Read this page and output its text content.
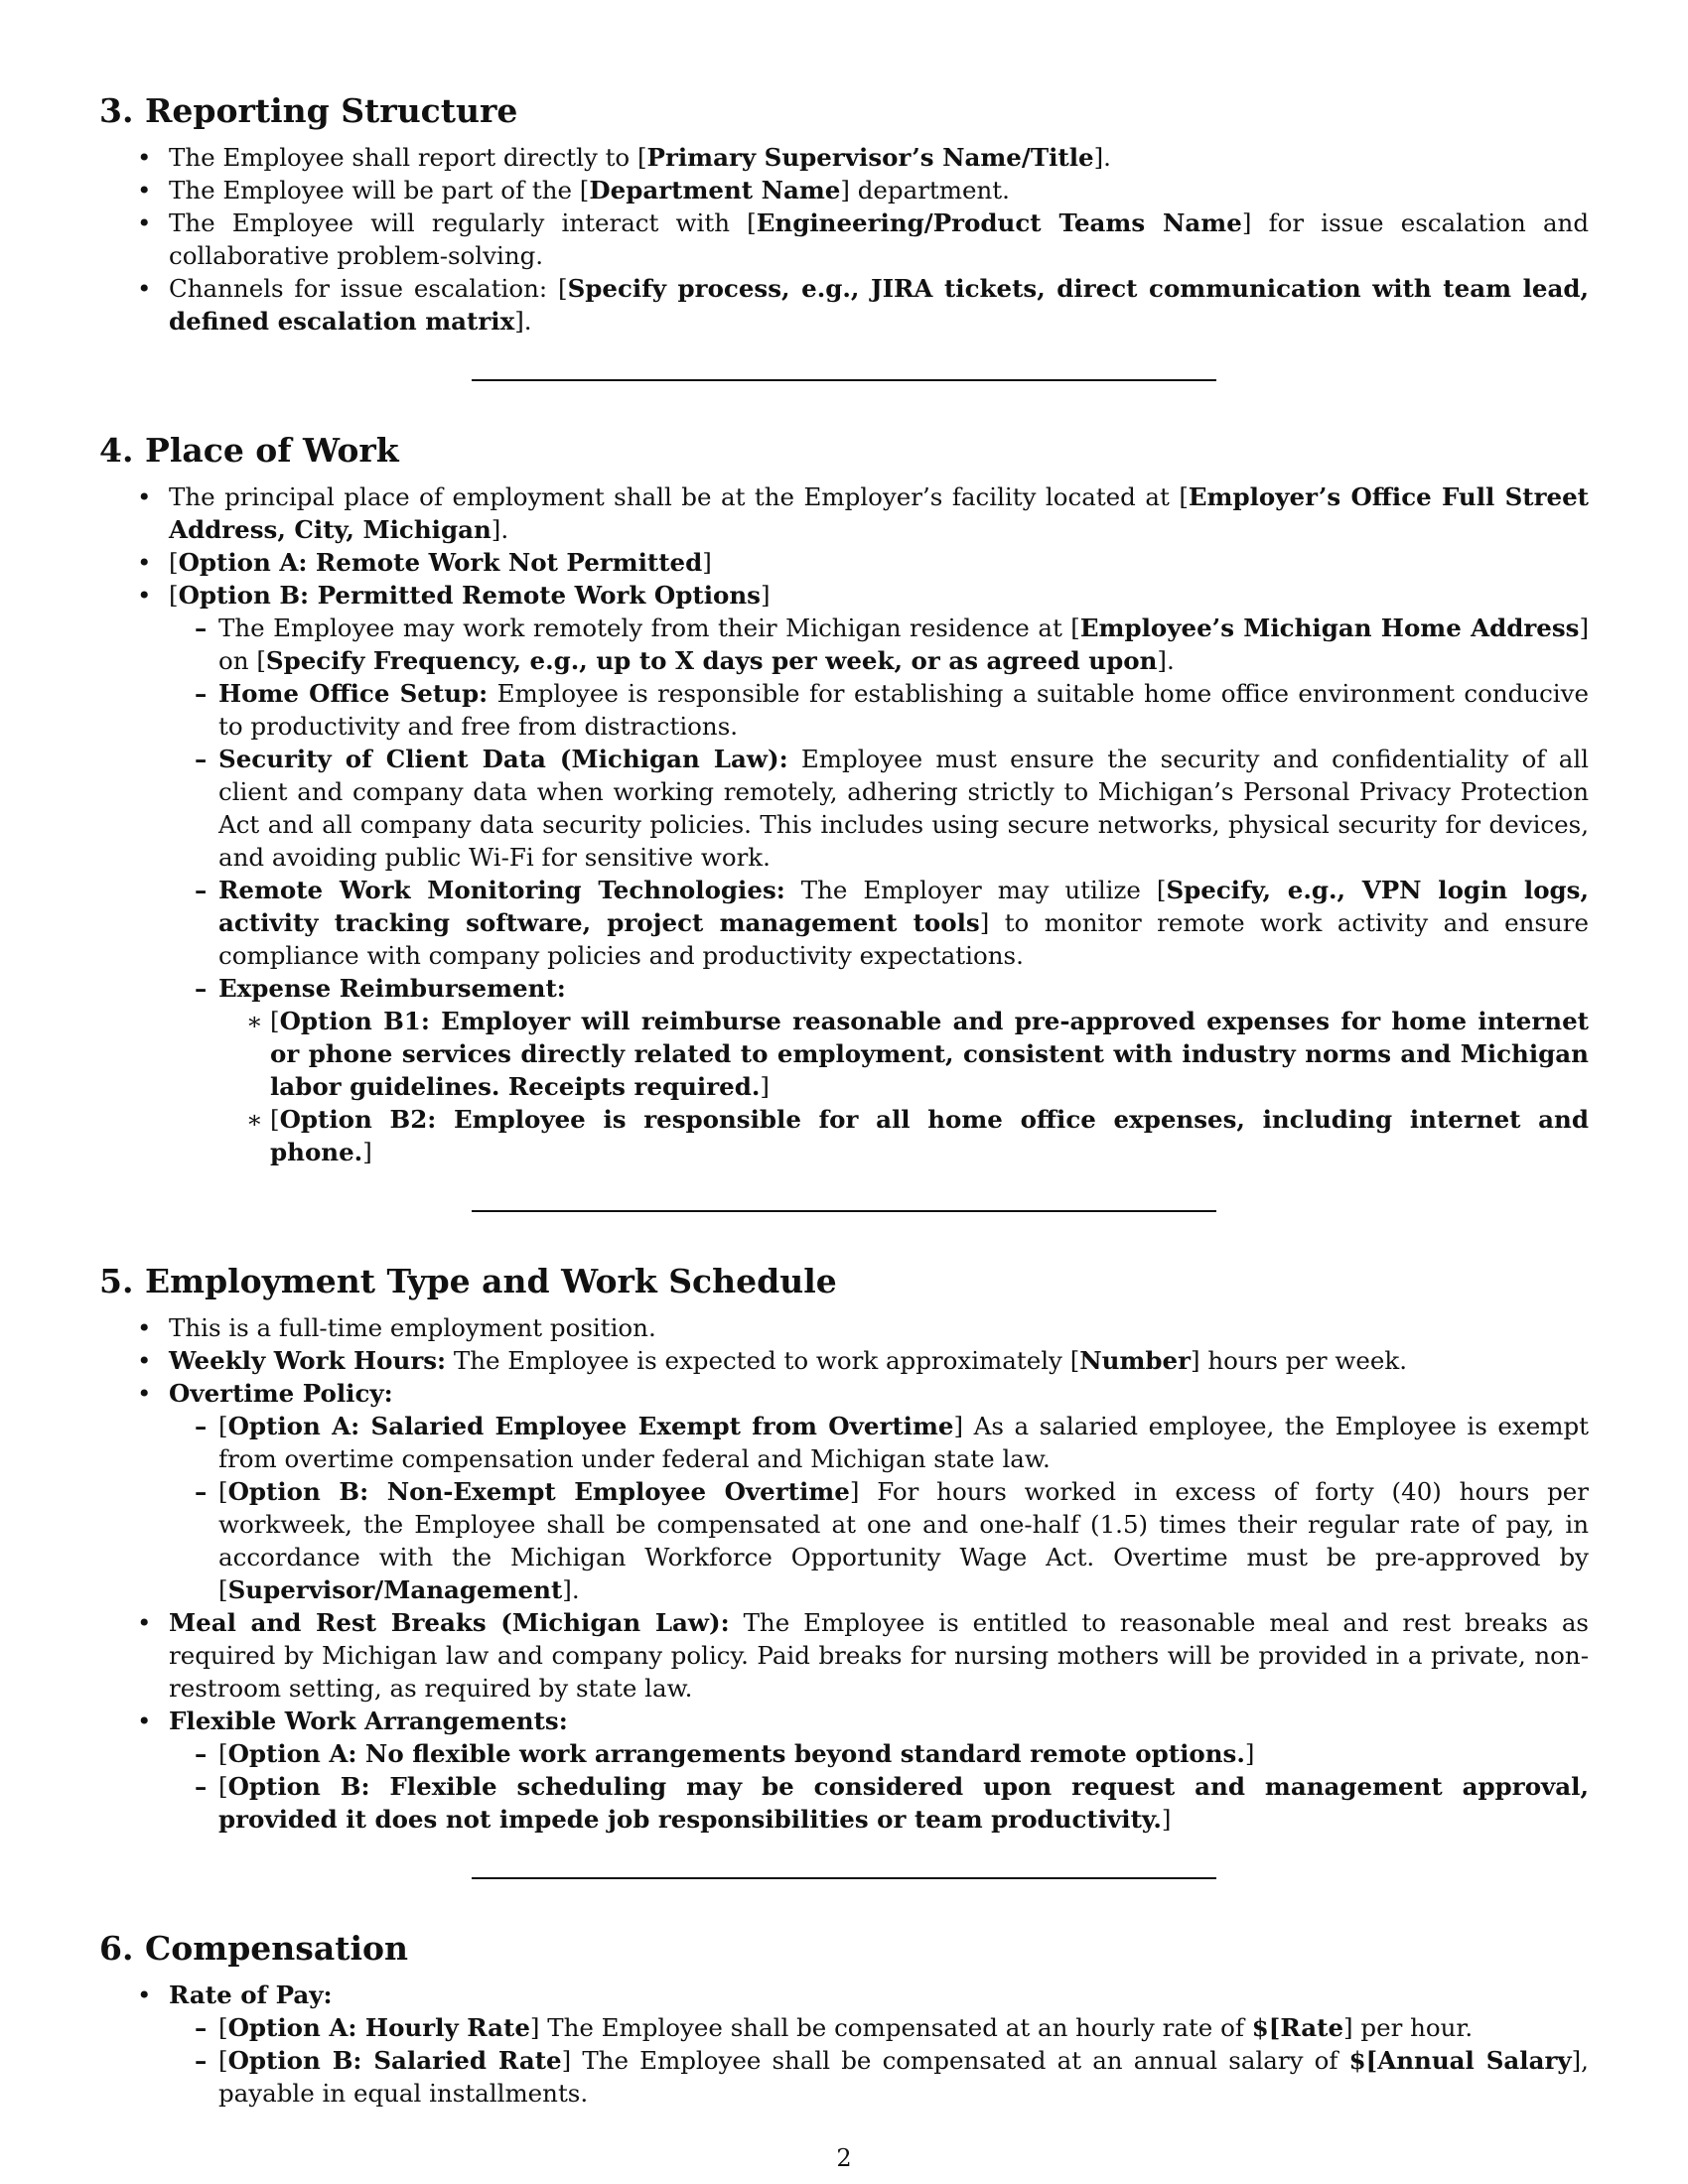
3. Reporting Structure
• The Employee shall report directly to [Primary Supervisor’s Name/Title].
• The Employee will be part of the [Department Name] department.
• The Employee will regularly interact with [Engineering/Product Teams Name] for issue escalation and collaborative problem-solving.
• Channels for issue escalation: [Specify process, e.g., JIRA tickets, direct communication with team lead, defined escalation matrix].
4. Place of Work
• The principal place of employment shall be at the Employer’s facility located at [Employer’s Office Full Street Address, City, Michigan].
• [Option A: Remote Work Not Permitted]
• [Option B: Permitted Remote Work Options]
– The Employee may work remotely from their Michigan residence at [Employee’s Michigan Home Address] on [Specify Frequency, e.g., up to X days per week, or as agreed upon].
– Home Office Setup: Employee is responsible for establishing a suitable home office environment conducive to productivity and free from distractions.
– Security of Client Data (Michigan Law): Employee must ensure the security and confidentiality of all client and company data when working remotely, adhering strictly to Michigan’s Personal Privacy Protection Act and all company data security policies. This includes using secure networks, physical security for devices, and avoiding public Wi-Fi for sensitive work.
– Remote Work Monitoring Technologies: The Employer may utilize [Specify, e.g., VPN login logs, activity tracking software, project management tools] to monitor remote work activity and ensure compliance with company policies and productivity expectations.
– Expense Reimbursement:
∗ [Option B1: Employer will reimburse reasonable and pre-approved expenses for home internet or phone services directly related to employment, consistent with industry norms and Michigan labor guidelines. Receipts required.]
∗ [Option B2: Employee is responsible for all home office expenses, including internet and phone.]
5. Employment Type and Work Schedule
• This is a full-time employment position.
• Weekly Work Hours: The Employee is expected to work approximately [Number] hours per week.
• Overtime Policy:
– [Option A: Salaried Employee Exempt from Overtime] As a salaried employee, the Employee is exempt from overtime compensation under federal and Michigan state law.
– [Option B: Non-Exempt Employee Overtime] For hours worked in excess of forty (40) hours per workweek, the Employee shall be compensated at one and one-half (1.5) times their regular rate of pay, in accordance with the Michigan Workforce Opportunity Wage Act. Overtime must be pre-approved by [Supervisor/Management].
• Meal and Rest Breaks (Michigan Law): The Employee is entitled to reasonable meal and rest breaks as required by Michigan law and company policy. Paid breaks for nursing mothers will be provided in a private, non-restroom setting, as required by state law.
• Flexible Work Arrangements:
– [Option A: No flexible work arrangements beyond standard remote options.]
– [Option B: Flexible scheduling may be considered upon request and management approval, provided it does not impede job responsibilities or team productivity.]
6. Compensation
• Rate of Pay:
– [Option A: Hourly Rate] The Employee shall be compensated at an hourly rate of $[Rate] per hour.
– [Option B: Salaried Rate] The Employee shall be compensated at an annual salary of $[Annual Salary], payable in equal installments.
2
